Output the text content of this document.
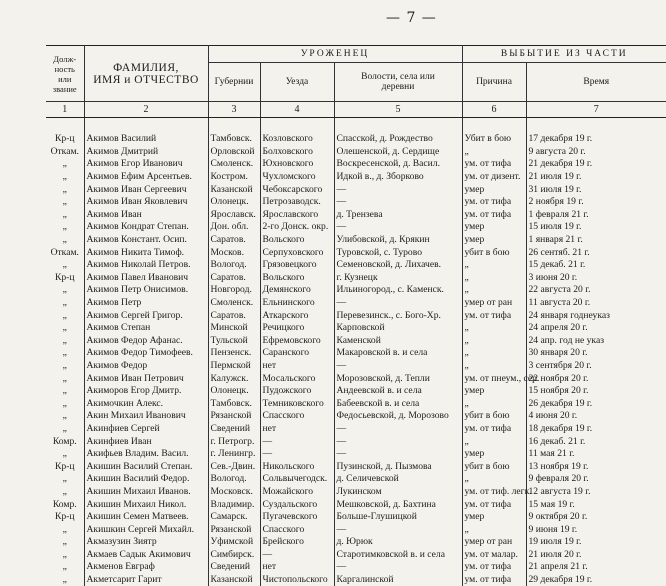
— 7 —
Долж-
ность
или
звание	ФАМИЛИЯ,
ИМЯ и ОТЧЕСТВО	УРОЖЕНЕЦ			ВЫБЫТИЕ ИЗ ЧАСТИ	
		Губернии	Уезда	Волости, села или
деревни	Причина	Время
1	2	3	4	5	6	7

Кр-ц	Акимов Василий	Тамбовск.	Козловского	Спасской, д. Рождество	Убит в бою	17 декабря 19 г.
Откам.	Акимов Дмитрий	Орловской	Болховского	Олешенской, д. Сердище	„	9 августа 20 г.
„	Акимов Егор Иванович	Смоленск.	Юхновского	Воскресенской, д. Васил.	ум. от тифа	21 декабря 19 г.
„	Акимов Ефим Арсентьев.	Костром.	Чухломского	Идкой в., д. Зборково	ум. от дизент.	21 июля 19 г.
„	Акимов Иван Сергеевич	Казанской	Чебоксарского	—	умер	31 июля 19 г.
„	Акимов Иван Яковлевич	Олонецк.	Петрозаводск.	—	ум. от тифа	2 ноября 19 г.
„	Акимов Иван	Ярославск.	Ярославского	д. Трензева	ум. от тифа	1 февраля 21 г.
„	Акимов Кондрат Степан.	Дон. обл.	2-го Донск. окр.	—	умер	15 июля 19 г.
„	Акимов Констант. Осип.	Саратов.	Вольского	Улибовской, д. Крякин	умер	1 января 21 г.
Откам.	Акимов Никита Тимоф.	Москов.	Серпуховского	Туровской, с. Турово	убит в бою	26 сентяб. 21 г.
„	Акимов Николай Петров.	Вологод.	Грязовецкого	Семеновской, д. Лихачев.	„	15 декаб. 21 г.
Кр-ц	Акимов Павел Иванович	Саратов.	Вольского	г. Кузнецк	„	3 июня 20 г.
„	Акимов Петр Онисимов.	Новгород.	Демянского	Ильиногород., с. Каменск.	„	22 августа 20 г.
„	Акимов Петр	Смоленск.	Ельнинского	—	умер от ран	11 августа 20 г.
„	Акимов Сергей Григор.	Саратов.	Аткарского	Перевезинск., с. Бого-Хр.	ум. от тифа	24 января годнеуказ
„	Акимов Степан	Минской	Речицкого	Карповской	„	24 апреля 20 г.
„	Акимов Федор Афанас.	Тульской	Ефремовского	Каменской	„	24 апр. год не указ
„	Акимов Федор Тимофеев.	Пензенск.	Саранского	Макаровской в. и села	„	30 января 20 г.
„	Акимов Федор	Пермской	нет	—	„	3 сентября 20 г.
„	Акимов Иван Петрович	Калужск.	Мосальского	Морозовской, д. Тепли	ум. от пнеум., сер.	22 ноября 20 г.
„	Акиморов Егор Дмитр.	Олонецк.	Пудожского	Андеевской в. и села	умер	15 ноября 20 г.
„	Акимочкин Алекс.	Тамбовск.	Темниковского	Бабеевской в. и села	„	26 декабря 19 г.
„	Акин Михаил Иванович	Рязанской	Спасского	Федосьевской, д. Морозово	убит в бою	4 июня 20 г.
„	Акинфиев Сергей	Сведений	нет	—	ум. от тифа	18 декабря 19 г.
Комр.	Акинфиев Иван	г. Петрогр.	—	—	„	16 декаб. 21 г.
„	Акифьев Владим. Васил.	г. Ленингр.	—	—	умер	11 мая 21 г.
Кр-ц	Акишин Василий Степан.	Сев.-Двин.	Никольского	Пузинской, д. Пызмова	убит в бою	13 ноября 19 г.
„	Акишин Василий Федор.	Вологод.	Сольвычегодск.	д. Селичевской	„	9 февраля 20 г.
„	Акишин Михаил Иванов.	Московск.	Можайского	Лукинском	ум. от тиф. легк.	12 августа 19 г.
Комр.	Акишин Михаил Никол.	Владимир.	Суздальского	Мешковской, д. Бахтина	ум. от тифа	15 мая 19 г.
Кр-ц	Акишин Семен Матвеев.	Самарск.	Пугачевского	Больше-Глушицкой	умер	9 октября 20 г.
„	Акишкин Сергей Михайл.	Рязанской	Спасского	—	„	9 июня 19 г.
„	Акмазузин Зиятр	Уфимской	Брейского	д. Юрюк	умер от ран	19 июля 19 г.
„	Акмаев Садык Акимович	Симбирск.	—	Старотимковской в. и села	ум. от малар.	21 июля 20 г.
„	Акменов Евграф	Сведений	нет	—	ум. от тифа	21 апреля 21 г.
„	Акметсарит Гарит	Казанской	Чистопольского	Каргалинской	ум. от тифа	29 декабря 19 г.
